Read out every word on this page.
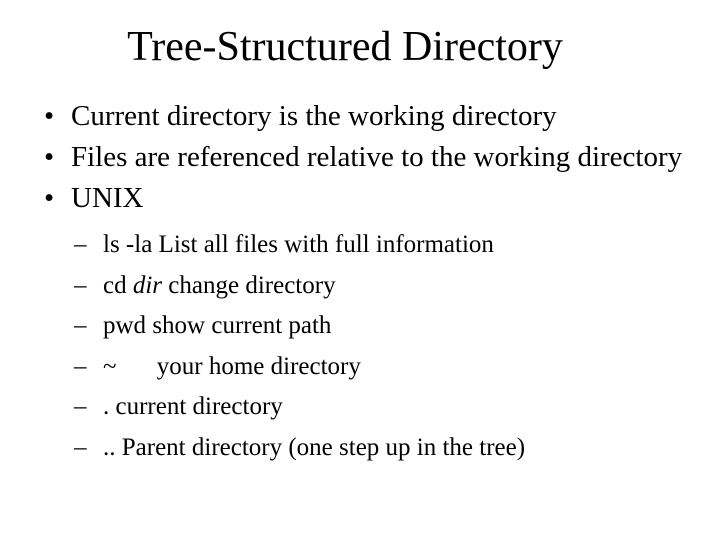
Tree-Structured Directory
• Current directory is the working directory
• Files are referenced relative to the working directory
• UNIX
– ls -la List all files with full information
– cd dir change directory
– pwd show current path
– ~ your home directory
– . current directory
– .. Parent directory (one step up in the tree)
